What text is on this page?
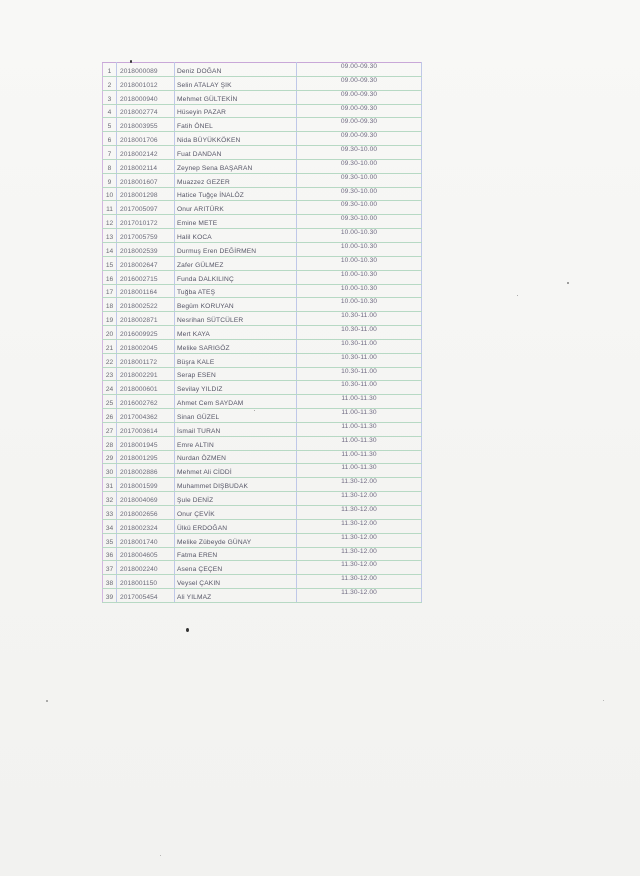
1	2018000089	Deniz DOĞAN	09.00-09.30
2	2018001012	Selin ATALAY ŞIK	09.00-09.30
3	2018000940	Mehmet GÜLTEKİN	09.00-09.30
4	2018002774	Hüseyin PAZAR	09.00-09.30
5	2018003955	Fatih ÖNEL	09.00-09.30
6	2018001706	Nida BÜYÜKKÖKEN	09.00-09.30
7	2018002142	Fuat DANDAN	09.30-10.00
8	2018002114	Zeynep Sena BAŞARAN	09.30-10.00
9	2018001607	Muazzez GEZER	09.30-10.00
10	2018001298	Hatice Tuğçe İNALÖZ	09.30-10.00
11	2017005097	Onur ARITÜRK	09.30-10.00
12	2017010172	Emine METE	09.30-10.00
13	2017005759	Halil KOCA	10.00-10.30
14	2018002539	Durmuş Eren DEĞİRMEN	10.00-10.30
15	2018002647	Zafer GÜLMEZ	10.00-10.30
16	2016002715	Funda DALKILINÇ	10.00-10.30
17	2018001164	Tuğba ATEŞ	10.00-10.30
18	2018002522	Begüm KORUYAN	10.00-10.30
19	2018002871	Nesrihan SÜTCÜLER	10.30-11.00
20	2016009925	Mert KAYA	10.30-11.00
21	2018002045	Melike SARIGÖZ	10.30-11.00
22	2018001172	Büşra KALE	10.30-11.00
23	2018002291	Serap ESEN	10.30-11.00
24	2018000601	Sevilay YILDIZ	10.30-11.00
25	2016002762	Ahmet Cem SAYDAM	11.00-11.30
26	2017004362	Sinan GÜZEL	11.00-11.30
27	2017003614	İsmail TURAN	11.00-11.30
28	2018001945	Emre ALTIN	11.00-11.30
29	2018001295	Nurdan ÖZMEN	11.00-11.30
30	2018002886	Mehmet Ali CİDDİ	11.00-11.30
31	2018001599	Muhammet DIŞBUDAK	11.30-12.00
32	2018004069	Şule DENİZ	11.30-12.00
33	2018002656	Onur ÇEVİK	11.30-12.00
34	2018002324	Ülkü ERDOĞAN	11.30-12.00
35	2018001740	Melike Zübeyde GÜNAY	11.30-12.00
36	2018004605	Fatma EREN	11.30-12.00
37	2018002240	Asena ÇEÇEN	11.30-12.00
38	2018001150	Veysel ÇAKIN	11.30-12.00
39	2017005454	Ali YILMAZ	11.30-12.00
